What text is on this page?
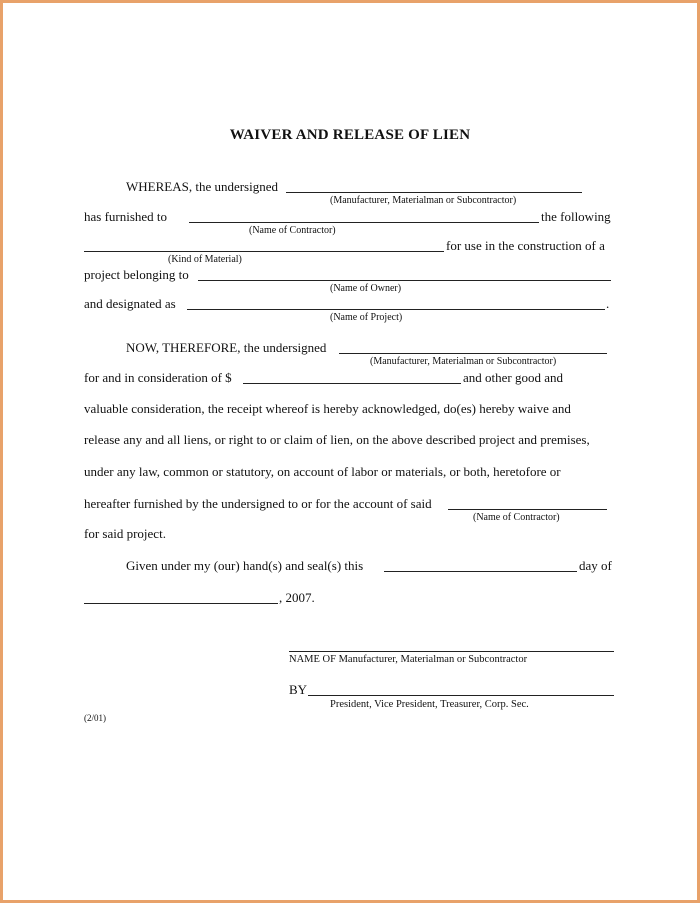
WAIVER AND RELEASE OF LIEN
WHEREAS, the undersigned
(Manufacturer, Materialman or Subcontractor)
has furnished to	the following
(Name of Contractor)
for use in the construction of a
(Kind of Material)
project belonging to
(Name of Owner)
and designated as	.
(Name of Project)
NOW, THEREFORE, the undersigned
(Manufacturer, Materialman or Subcontractor)
for and in consideration of $	and other good and
valuable consideration, the receipt whereof is hereby acknowledged, do(es) hereby waive and
release any and all liens, or right to or claim of lien, on the above described project and premises,
under any law, common or statutory, on account of labor or materials, or both, heretofore or
hereafter furnished by the undersigned to or for the account of said
(Name of Contractor)
for said project.
Given under my (our) hand(s) and seal(s) this	day of
, 2007.
NAME OF Manufacturer, Materialman or Subcontractor
BY
President, Vice President, Treasurer, Corp. Sec.
(2/01)
